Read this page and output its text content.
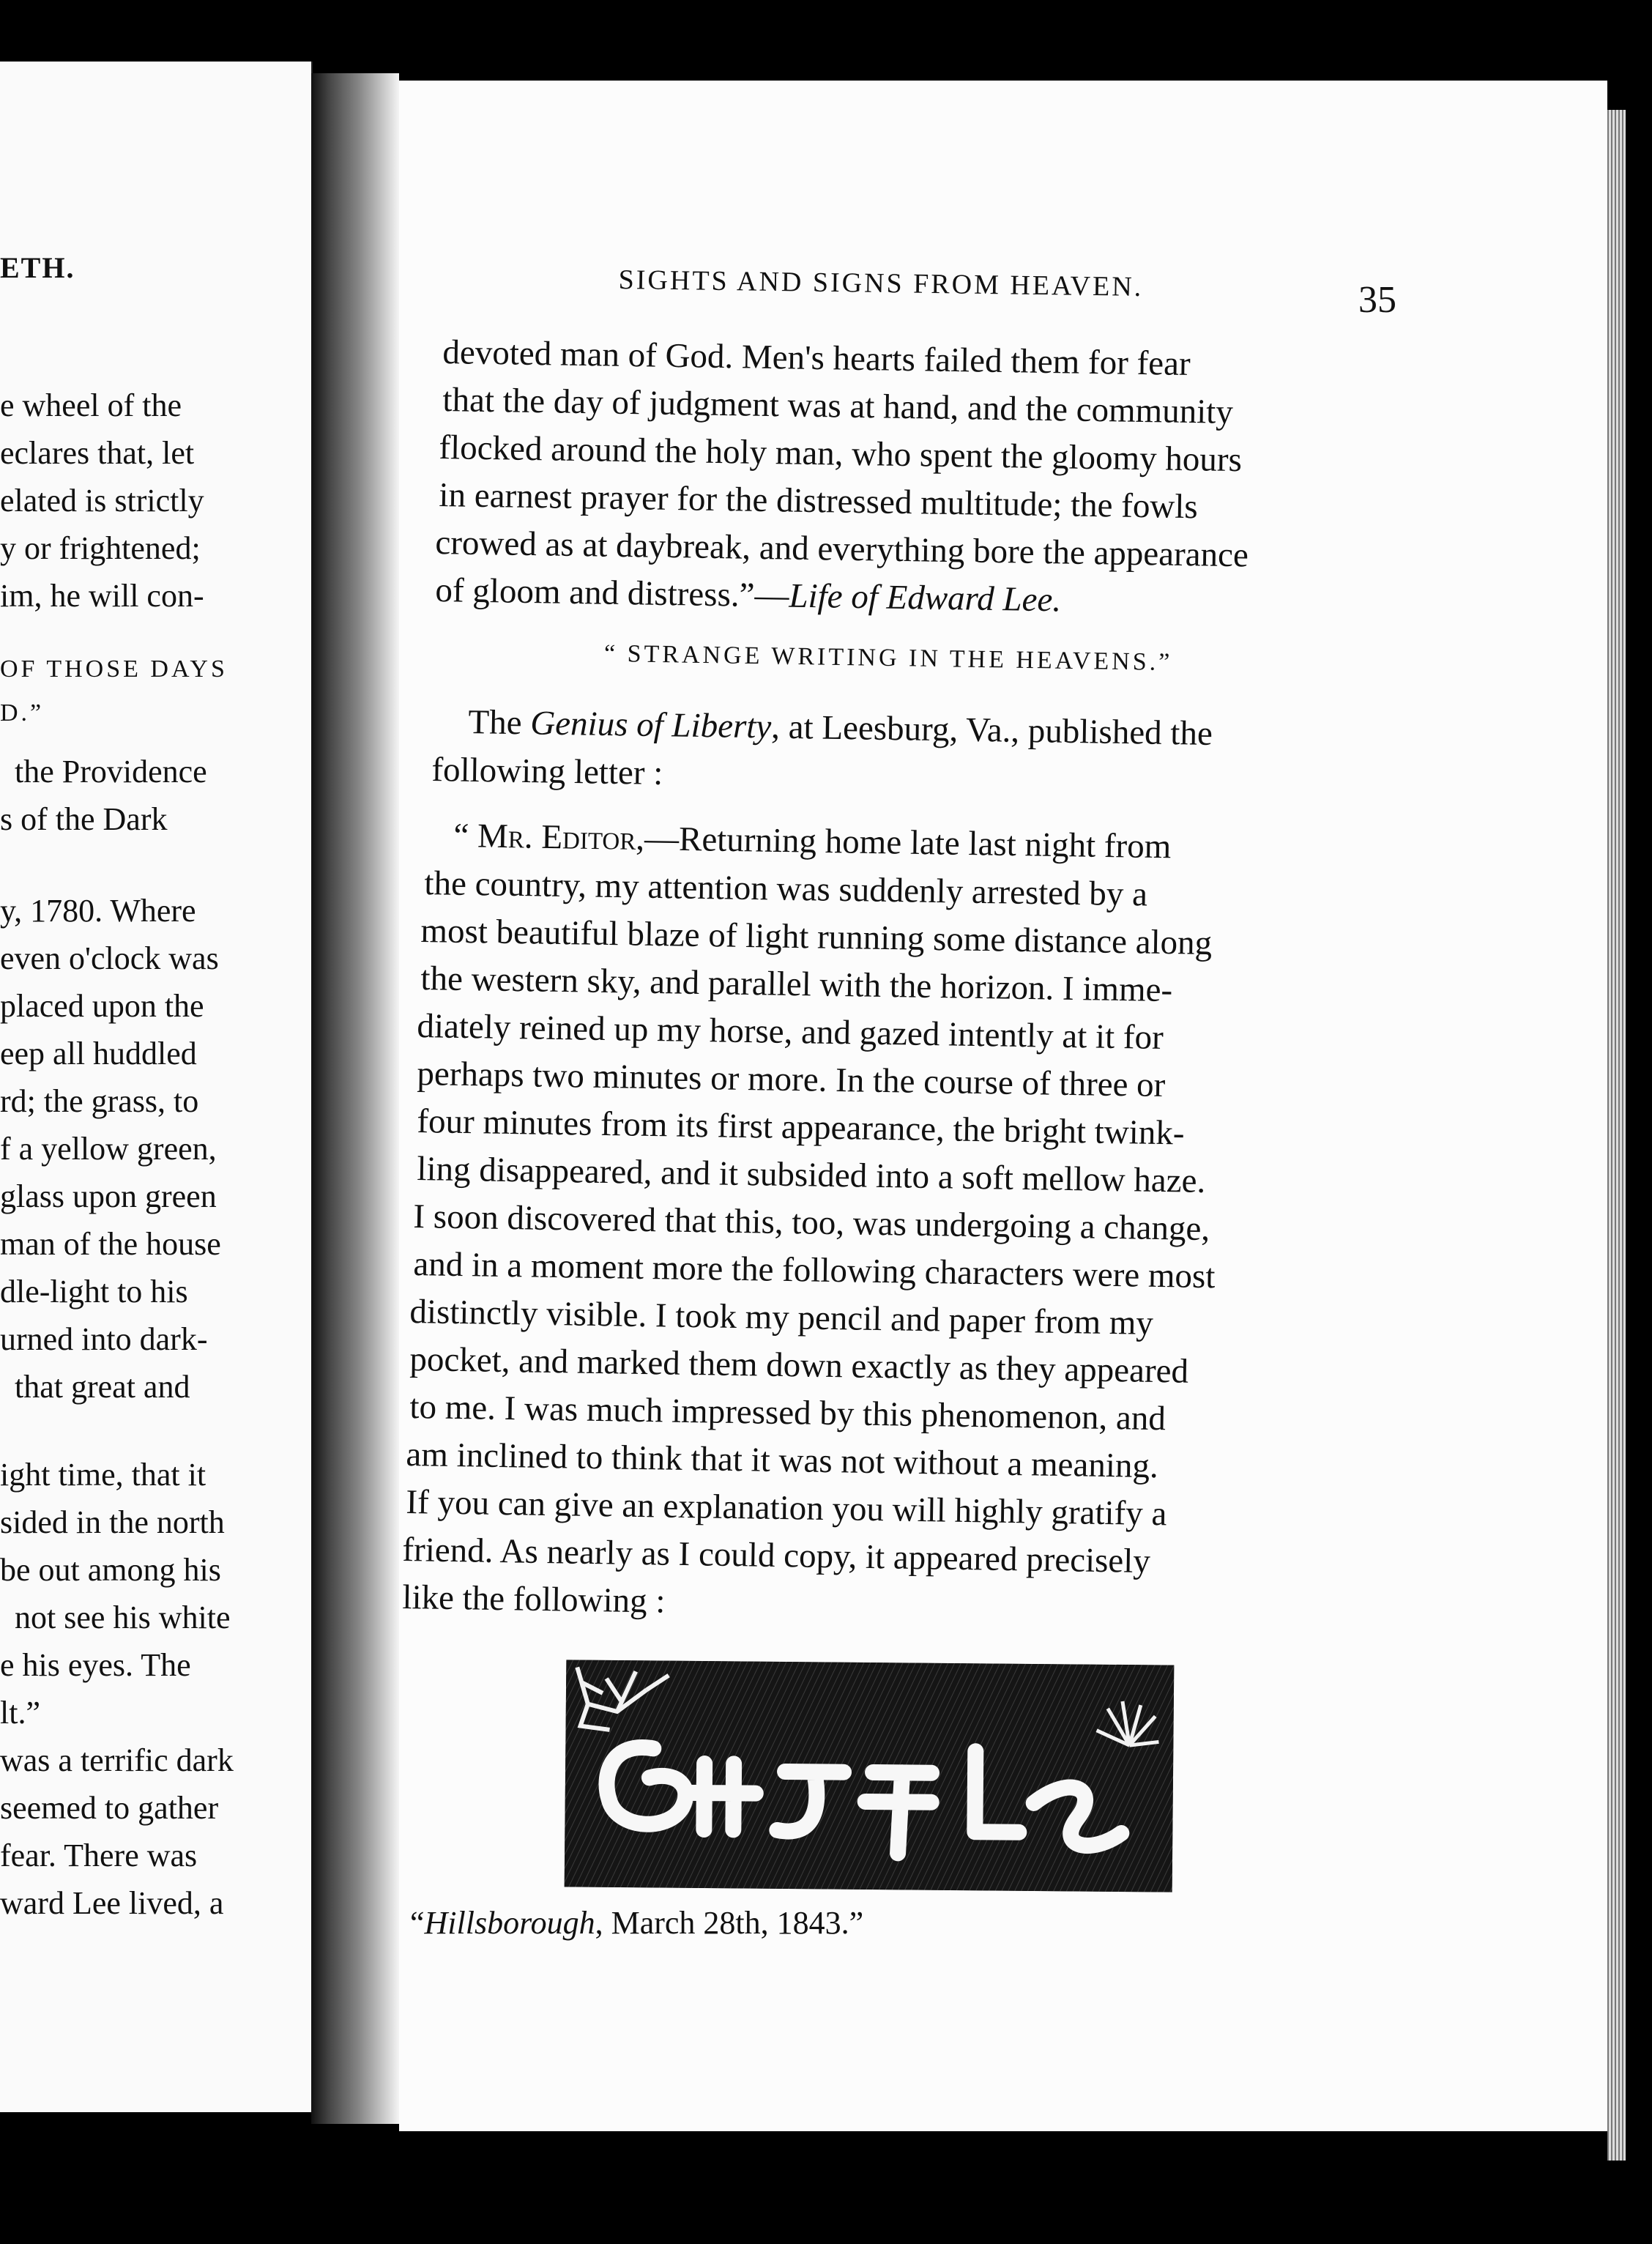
ETH.

e wheel of the

eclares that, let

elated is strictly

y or frightened;

im, he will con-

OF THOSE DAYS

D.”

the Providence

s of the Dark

y, 1780. Where

even o'clock was

placed upon the

eep all huddled

rd; the grass, to

f a yellow green,

glass upon green

man of the house

dle-light to his

urned into dark-

that great and

ight time, that it

sided in the north

be out among his

not see his white

e his eyes. The

lt.”

was a terrific dark

seemed to gather

fear. There was

ward Lee lived, a

SIGHTS AND SIGNS FROM HEAVEN.	35

devoted man of God. Men's hearts failed them for fear

that the day of judgment was at hand, and the community

flocked around the holy man, who spent the gloomy hours

in earnest prayer for the distressed multitude; the fowls

crowed as at daybreak, and everything bore the appearance

of gloom and distress.”—Life of Edward Lee.

“ STRANGE WRITING IN THE HEAVENS.”

The Genius of Liberty, at Leesburg, Va., published the

following letter :

“ Mr. Editor,—Returning home late last night from

the country, my attention was suddenly arrested by a

most beautiful blaze of light running some distance along

the western sky, and parallel with the horizon. I imme-

diately reined up my horse, and gazed intently at it for

perhaps two minutes or more. In the course of three or

four minutes from its first appearance, the bright twink-

ling disappeared, and it subsided into a soft mellow haze.

I soon discovered that this, too, was undergoing a change,

and in a moment more the following characters were most

distinctly visible. I took my pencil and paper from my

pocket, and marked them down exactly as they appeared

to me. I was much impressed by this phenomenon, and

am inclined to think that it was not without a meaning.

If you can give an explanation you will highly gratify a

friend. As nearly as I could copy, it appeared precisely

like the following :

“Hillsborough, March 28th, 1843.”
